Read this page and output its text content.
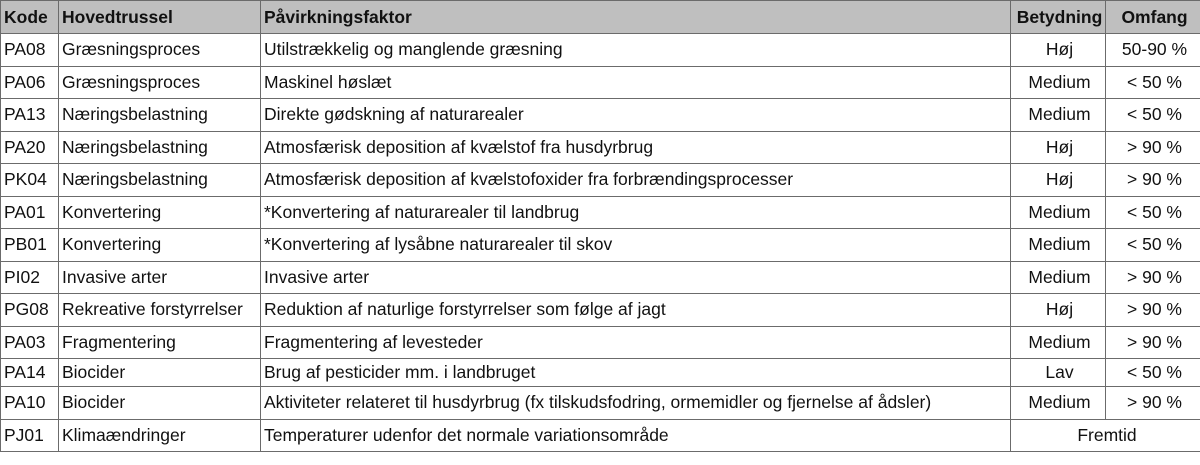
Kode	Hovedtrussel	Påvirkningsfaktor	Betydning	Omfang
PA08	Græsningsproces	Utilstrækkelig og manglende græsning	Høj	50-90 %
PA06	Græsningsproces	Maskinel høslæt	Medium	< 50 %
PA13	Næringsbelastning	Direkte gødskning af naturarealer	Medium	< 50 %
PA20	Næringsbelastning	Atmosfærisk deposition af kvælstof fra husdyrbrug	Høj	> 90 %
PK04	Næringsbelastning	Atmosfærisk deposition af kvælstofoxider fra forbrændingsprocesser	Høj	> 90 %
PA01	Konvertering	*Konvertering af naturarealer til landbrug	Medium	< 50 %
PB01	Konvertering	*Konvertering af lysåbne naturarealer til skov	Medium	< 50 %
PI02	Invasive arter	Invasive arter	Medium	> 90 %
PG08	Rekreative forstyrrelser	Reduktion af naturlige forstyrrelser som følge af jagt	Høj	> 90 %
PA03	Fragmentering	Fragmentering af levesteder	Medium	> 90 %
PA14	Biocider	Brug af pesticider mm. i landbruget	Lav	< 50 %
PA10	Biocider	Aktiviteter relateret til husdyrbrug (fx tilskudsfodring, ormemidler og fjernelse af ådsler)	Medium	> 90 %
PJ01	Klimaændringer	Temperaturer udenfor det normale variationsområde	Fremtid	
